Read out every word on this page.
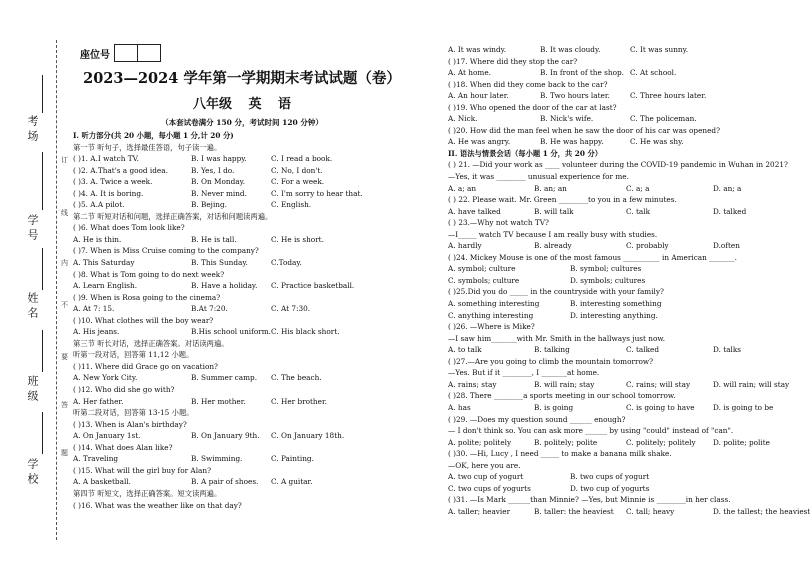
考场
学号
姓名
班级
学校
订
线
内
不
要
答
题
座位号
2023—2024 学年第一学期期末考试试题（卷）
八年级 英 语
（本套试卷满分 150 分，考试时间 120 分钟）
I. 听力部分(共 20 小题，每小题 1 分,计 20 分)
第一节 听句子，选择最佳答语，句子读一遍。
( )1. A.I watch TV.	B. I was happy.	C. I read a book.
( )2. A.That's a good idea.	B. Yes, I do.	C. No, I don't.
( )3. A. Twice a week.	B. On Monday.	C. For a week.
( )4. A. It is boring.	B. Never mind.	C. I'm sorry to hear that.
( )5. A.A pilot.	B. Bejing.	C. English.
第二节 听短对话和问题，选择正确答案，对话和问题读两遍。
( )6. What does Tom look like?
A. He is thin.	B. He is tall.	C. He is short.
( )7. When is Miss Cruise coming to the company?
A. This Saturday	B. This Sunday.	C.Today.
( )8. What is Tom going to do next week?
A. Learn English.	B. Have a holiday. C. Practice basketball.
( )9. When is Rosa going to the cinema?
A. At 7: 15.	B.At 7:20.	C. At 7:30.
( )10. What clothes will the boy wear?
A. His jeans.	B.His school uniform. C. His black short.
第三节 听长对话，选择正确答案。对话读两遍。
听第一段对话，回答第 11,12 小题。
( )11. Where did Grace go on vacation?
A. New York City.	B. Summer camp. C. The beach.
( )12. Who did she go with?
A. Her father.	B. Her mother.	C. Her brother.
听第二段对话，回答第 13-15 小题。
( )13. When is Alan's birthday?
A. On January 1st.	B. On January 9th. C. On January 18th.
( )14. What does Alan like?
A. Traveling	B. Swimming.	C. Painting.
( )15. What will the girl buy for Alan?
A. A basketball.	B. A pair of shoes. C. A guitar.
第四节 听短文，选择正确答案。短文读两遍。
( )16. What was the weather like on that day?
A. It was windy.	B. It was cloudy.	C. It was sunny.
( )17. Where did they stop the car?
A. At home.	B. In front of the shop. C. At school.
( )18. When did they come back to the car?
A. An hour later.	B. Two hours later.	C. Three hours later.
( )19. Who opened the door of the car at last?
A. Nick.	B. Nick's wife.	C. The policeman.
( )20. How did the man feel when he saw the door of his car was opened?
A. He was angry.	B. He was happy.	C. He was shy.
II. 语法与情景会话（每小题 1 分，共 20 分）
( ) 21. —Did your work as ____ volunteer during the COVID-19 pandemic in Wuhan in 2021?
—Yes, it was ________ unusual experience for me.
A. a; an	B. an; an	C. a; a	D. an; a
( ) 22. Please wait. Mr. Green ________to you in a few minutes.
A. have talked	B. will talk	C. talk	D. talked
( ) 23.—Why not watch TV?
—I_____ watch TV because I am really busy with studies.
A. hardly	B. already	C. probably	D.often
( )24. Mickey Mouse is one of the most famous __________ in American _______.
A. symbol; culture	B. symbol; cultures
C. symbols; culture	D. symbols; cultures
( )25.Did you do _____ in the countryside with your family?
A. something interesting	B. interesting something
C. anything interesting	D. interesting anything.
( )26. —Where is Mike?
—I saw him_______with Mr. Smith in the hallways just now.
A. to talk	B. talking	C. talked	D. talks
( )27.—Are you going to climb the mountain tomorrow?
—Yes. But if it ________, I _______at home.
A. rains; stay	B. will rain; stay	C. rains; will stay	D. will rain; will stay
( )28. There ________a sports meeting in our school tomorrow.
A. has	B. is going	C. is going to have	D. is going to be
( )29. —Does my question sound ______ enough?
— I don't think so. You can ask more ______ by using "could" instead of "can".
A. polite; politely	B. politely; polite	C. politely; politely D. polite; polite
( )30. —Hi, Lucy , I need _____ to make a banana milk shake.
—OK, here you are.
A. two cup of yogurt	B. two cups of yogurt
C. two cups of yogurts	D. two cup of yogurts
( )31. —Is Mark ______than Minnie? —Yes, but Minnie is ________in her class.
A. taller; heavier	B. taller: the heaviest C. tall; heavy	D. the tallest; the heaviest
